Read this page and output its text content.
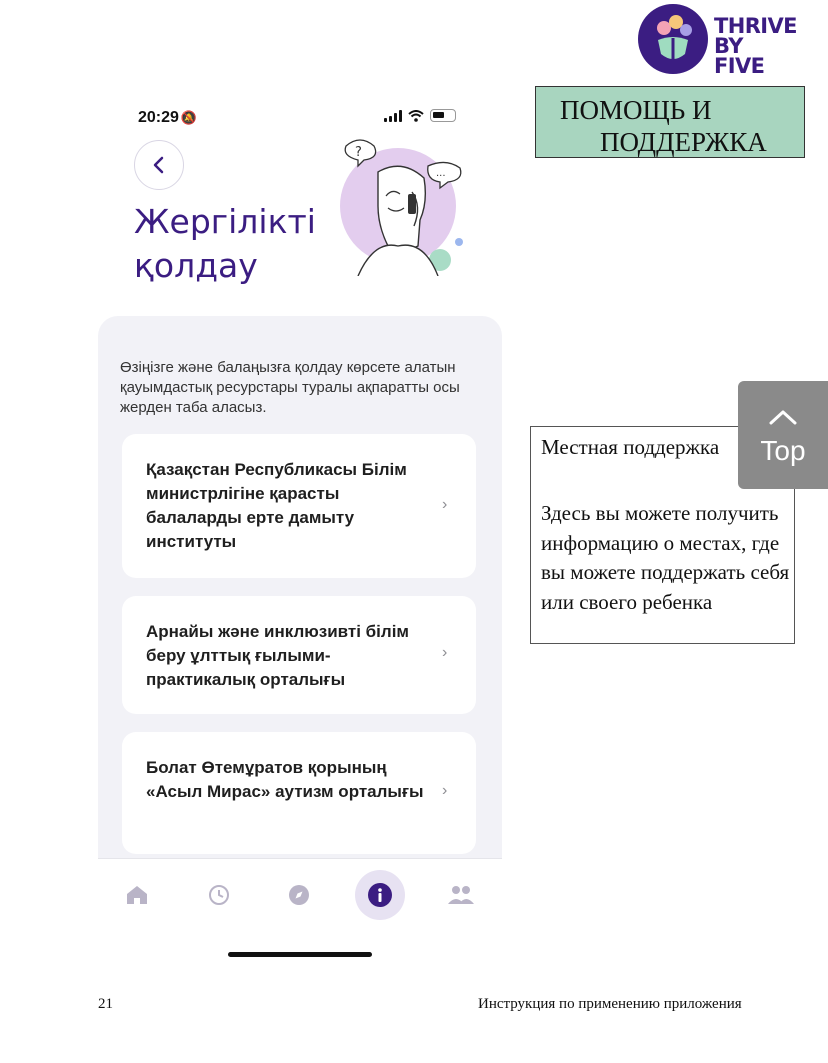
THRIVE
BY FIVE
20:29 🔕
Жергілікті
қолдау
?
...
Өзіңізге және балаңызға қолдау көрсете алатын қауымдастық ресурстары туралы ақпаратты осы жерден таба аласыз.
Қазақстан Республикасы Білім министрлігіне қарасты балаларды ерте дамыту институты
›
Арнайы және инклюзивті білім беру ұлттық ғылыми-практикалық орталығы
›
Болат Өтемұратов қорының «Асыл Мирас» аутизм орталығы	›
ПОМОЩЬ И
ПОДДЕРЖКА
Местная поддержка
Здесь вы можете получить информацию о местах, где вы можете поддержать себя или своего ребенка
Top
21	Инструкция по применению приложения
